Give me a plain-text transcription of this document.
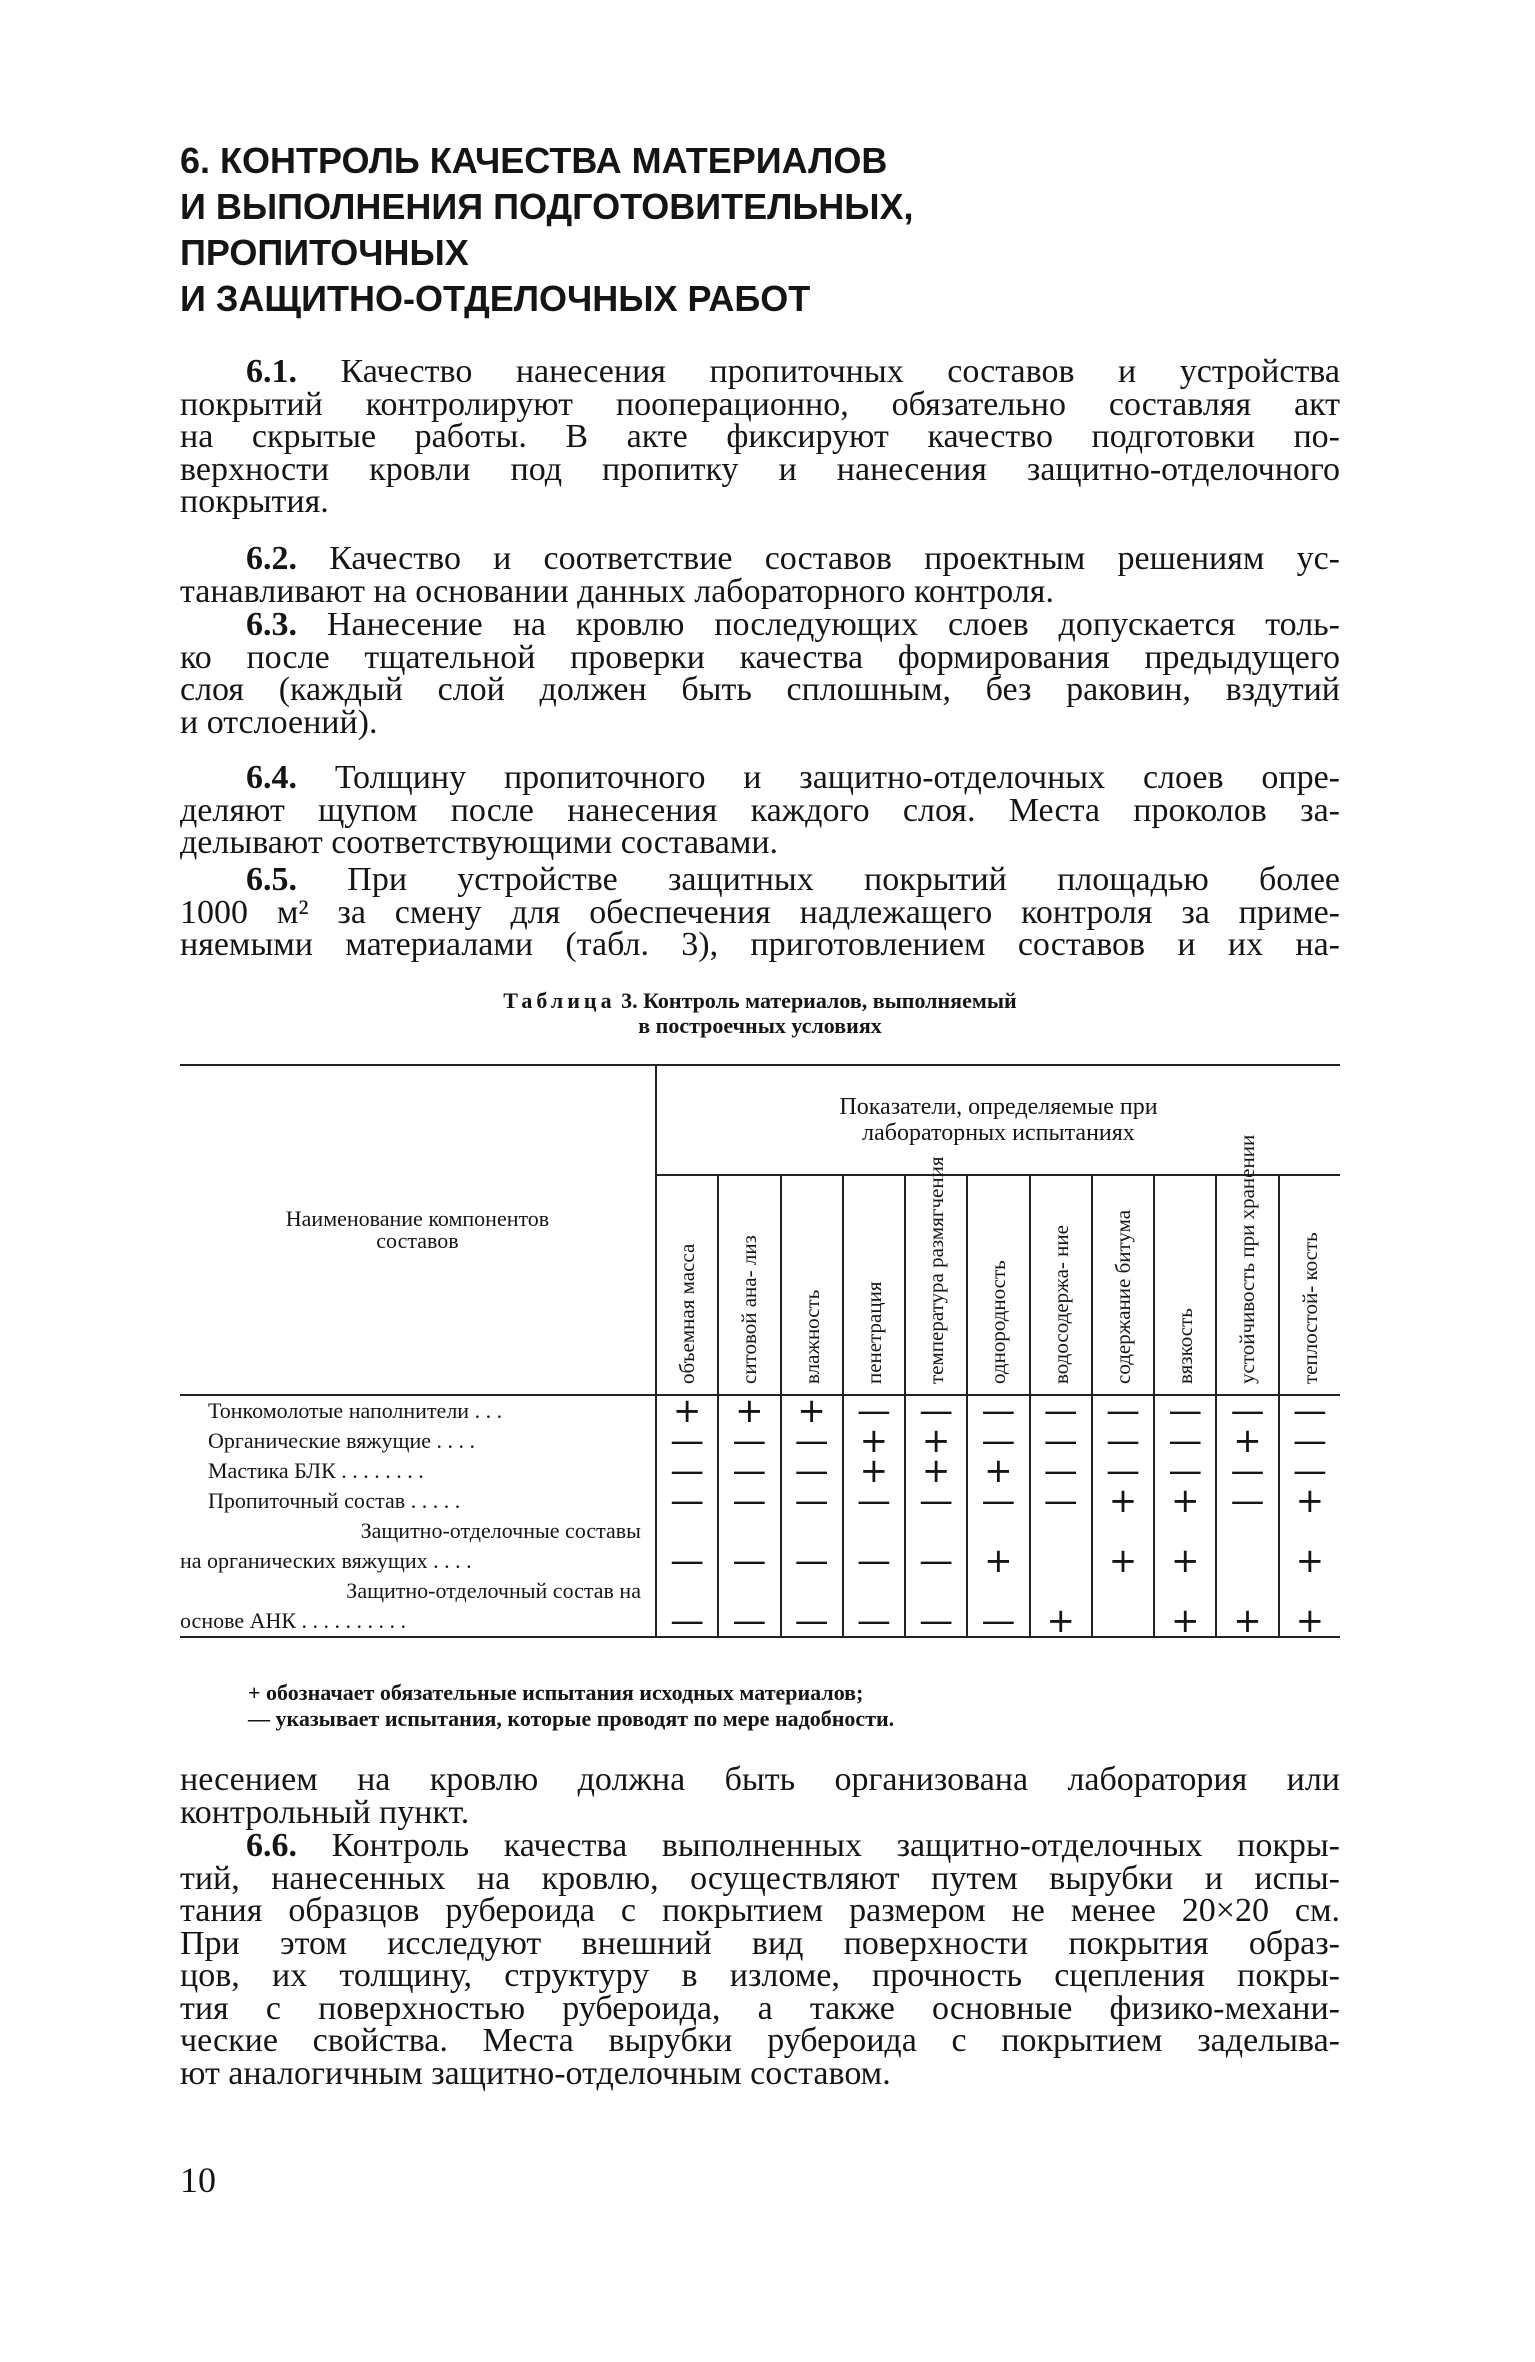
6. КОНТРОЛЬ КАЧЕСТВА МАТЕРИАЛОВ
И ВЫПОЛНЕНИЯ ПОДГОТОВИТЕЛЬНЫХ,
ПРОПИТОЧНЫХ
И ЗАЩИТНО-ОТДЕЛОЧНЫХ РАБОТ
6.1. Качество нанесения пропиточных составов и устройства
покрытий контролируют пооперационно, обязательно составляя акт
на скрытые работы. В акте фиксируют качество подготовки по-
верхности кровли под пропитку и нанесения защитно-отделочного
покрытия.
6.2. Качество и соответствие составов проектным решениям ус-
танавливают на основании данных лабораторного контроля.
6.3. Нанесение на кровлю последующих слоев допускается толь-
ко после тщательной проверки качества формирования предыдущего
слоя (каждый слой должен быть сплошным, без раковин, вздутий
и отслоений).
6.4. Толщину пропиточного и защитно-отделочных слоев опре-
деляют щупом после нанесения каждого слоя. Места проколов за-
делывают соответствующими составами.
6.5. При устройстве защитных покрытий площадью более
1000 м² за смену для обеспечения надлежащего контроля за приме-
няемыми материалами (табл. 3), приготовлением составов и их на-
Таблица 3. Контроль материалов, выполняемый
в построечных условиях
Наименование компонентов составов	Показатели, определяемые при лабораторных испытаниях										

	объемная масса	ситовой ана- лиз	влажность	пенетрация	температура размягчения	однородность	водосодержа- ние	содержание битума	вязкость	устойчивость при хранении	теплостой- кость

Тонкомолотые наполнители . . .	+	+	+	—	—	—	—	—	—	—	—
Органические вяжущие . . . .	—	—	—	+	+	—	—	—	—	+	—
Мастика БЛК . . . . . . . .	—	—	—	+	+	+	—	—	—	—	—
Пропиточный состав . . . . .	—	—	—	—	—	—	—	+	+	—	+
Защитно-отделочные составы											
на органических вяжущих . . . .	—	—	—	—	—	+		+	+		+
Защитно-отделочный состав на											
основе АНК . . . . . . . . . .	—	—	—	—	—	—	+		+	+	+
+ обозначает обязательные испытания исходных материалов;
— указывает испытания, которые проводят по мере надобности.
несением на кровлю должна быть организована лаборатория или
контрольный пункт.
6.6. Контроль качества выполненных защитно-отделочных покры-
тий, нанесенных на кровлю, осуществляют путем вырубки и испы-
тания образцов рубероида с покрытием размером не менее 20×20 см.
При этом исследуют внешний вид поверхности покрытия образ-
цов, их толщину, структуру в изломе, прочность сцепления покры-
тия с поверхностью рубероида, а также основные физико-механи-
ческие свойства. Места вырубки рубероида с покрытием заделыва-
ют аналогичным защитно-отделочным составом.
10
